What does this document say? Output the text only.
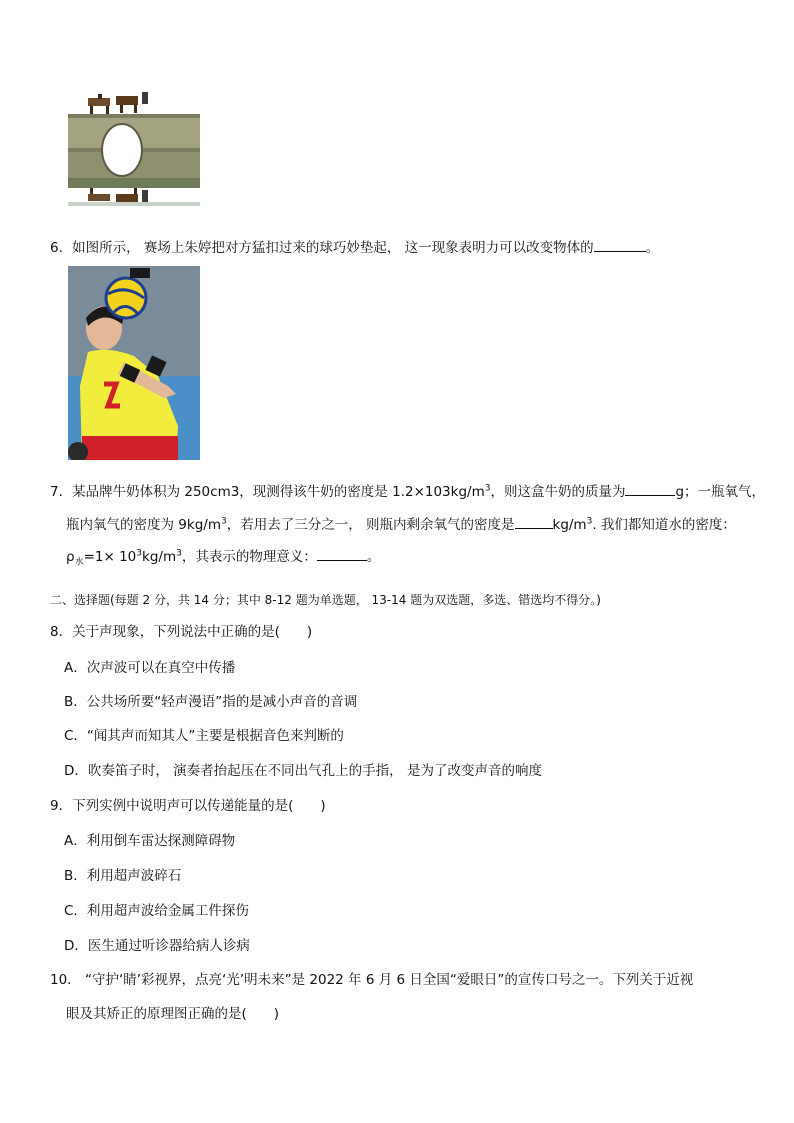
6．如图所示， 赛场上朱婷把对方猛扣过来的球巧妙垫起， 这一现象表明力可以改变物体的	。
7．某品牌牛奶体积为 250cm3，现测得该牛奶的密度是 $1.2\times 103kg/m^3$，则这盒牛奶的质量为	g；一瓶氧气，
瓶内氧气的密度为 $9kg/m^3$，若用去了三分之一， 则瓶内剩余氧气的密度是	$kg/m^3$. 我们都知道水的密度：
$\rho_水=1\times 10^3kg/m^3$，其表示的物理意义：	。
二、选择题(每题 2 分，共 14 分；其中 8-12 题为单选题， 13-14 题为双选题，多选、错选均不得分。)
8．关于声现象，下列说法中正确的是(　　)
A．次声波可以在真空中传播
B．公共场所要“轻声漫语”指的是减小声音的音调
C．“闻其声而知其人”主要是根据音色来判断的
D．吹奏笛子时， 演奏者抬起压在不同出气孔上的手指， 是为了改变声音的响度
9．下列实例中说明声可以传递能量的是(　　)
A．利用倒车雷达探测障碍物
B．利用超声波碎石
C．利用超声波给金属工件探伤
D．医生通过听诊器给病人诊病
10． “守护‘睛’彩视界，点亮‘光’明未来”是 2022 年 6 月 6 日全国“爱眼日”的宣传口号之一。下列关于近视
眼及其矫正的原理图正确的是(　　)
